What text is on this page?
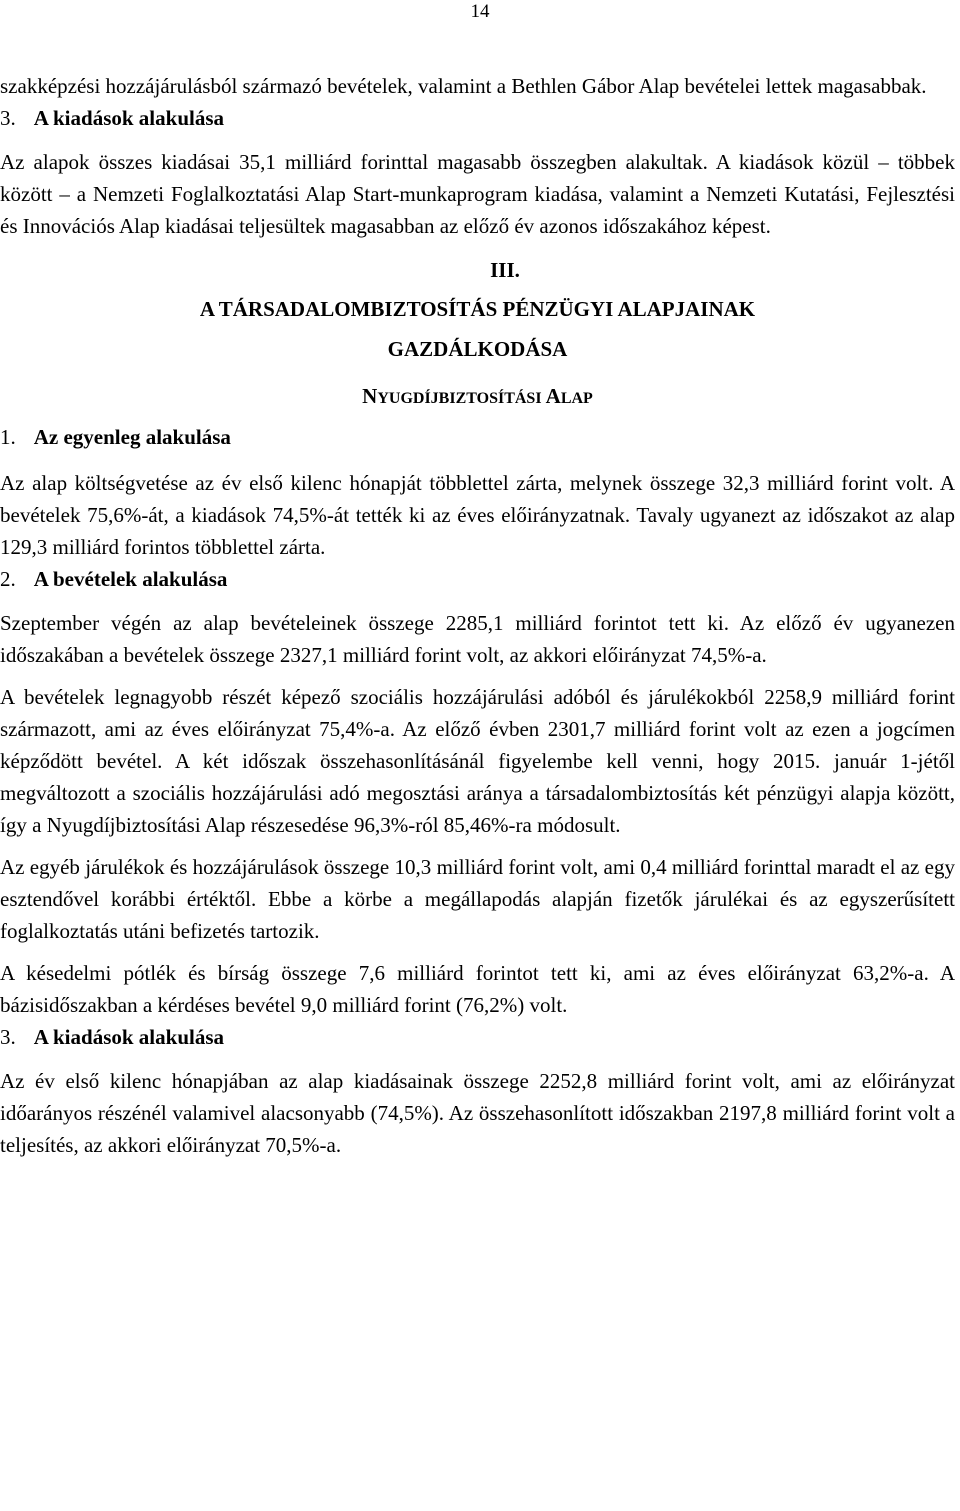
14

szakképzési hozzájárulásból származó bevételek, valamint a Bethlen Gábor Alap bevételei lettek magasabbak.

3. A kiadások alakulása

Az alapok összes kiadásai 35,1 milliárd forinttal magasabb összegben alakultak. A kiadások közül – többek között – a Nemzeti Foglalkoztatási Alap Start-munkaprogram kiadása, valamint a Nemzeti Kutatási, Fejlesztési és Innovációs Alap kiadásai teljesültek magasabban az előző év azonos időszakához képest.

III.
A TÁRSADALOMBIZTOSÍTÁS PÉNZÜGYI ALAPJAINAK
GAZDÁLKODÁSA
NYUGDÍJBIZTOSÍTÁSI ALAP
1. Az egyenleg alakulása

Az alap költségvetése az év első kilenc hónapját többlettel zárta, melynek összege 32,3 milliárd forint volt. A bevételek 75,6%-át, a kiadások 74,5%-át tették ki az éves előirányzatnak. Tavaly ugyanezt az időszakot az alap 129,3 milliárd forintos többlettel zárta.

2. A bevételek alakulása

Szeptember végén az alap bevételeinek összege 2285,1 milliárd forintot tett ki. Az előző év ugyanezen időszakában a bevételek összege 2327,1 milliárd forint volt, az akkori előirányzat 74,5%-a.

A bevételek legnagyobb részét képező szociális hozzájárulási adóból és járulékokból 2258,9 milliárd forint származott, ami az éves előirányzat 75,4%-a. Az előző évben 2301,7 milliárd forint volt az ezen a jogcímen képződött bevétel. A két időszak összehasonlításánál figyelembe kell venni, hogy 2015. január 1-jétől megváltozott a szociális hozzájárulási adó megosztási aránya a társadalombiztosítás két pénzügyi alapja között, így a Nyugdíjbiztosítási Alap részesedése 96,3%-ról 85,46%-ra módosult.

Az egyéb járulékok és hozzájárulások összege 10,3 milliárd forint volt, ami 0,4 milliárd forinttal maradt el az egy esztendővel korábbi értéktől. Ebbe a körbe a megállapodás alapján fizetők járulékai és az egyszerűsített foglalkoztatás utáni befizetés tartozik.

A késedelmi pótlék és bírság összege 7,6 milliárd forintot tett ki, ami az éves előirányzat 63,2%-a. A bázisidőszakban a kérdéses bevétel 9,0 milliárd forint (76,2%) volt.

3. A kiadások alakulása

Az év első kilenc hónapjában az alap kiadásainak összege 2252,8 milliárd forint volt, ami az előirányzat időarányos részénél valamivel alacsonyabb (74,5%). Az összehasonlított időszakban 2197,8 milliárd forint volt a teljesítés, az akkori előirányzat 70,5%-a.
